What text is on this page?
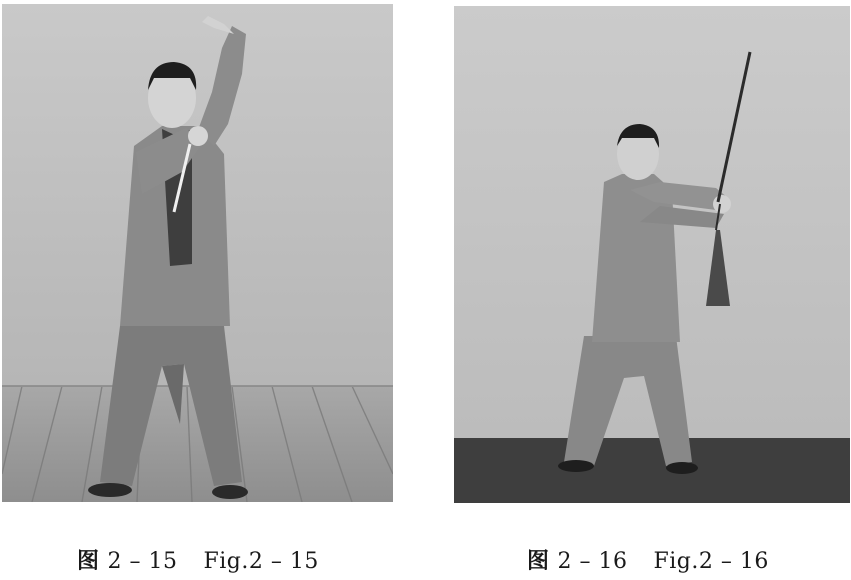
图 2 – 15 Fig.2 – 15	图 2 – 16 Fig.2 – 16
